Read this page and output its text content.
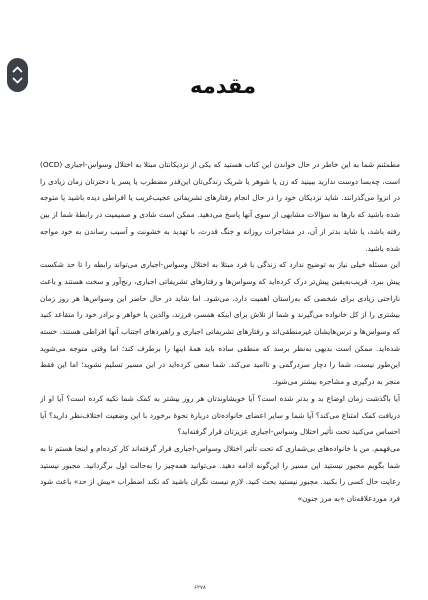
مقدمه

مطمئنم شما به این خاطر در حال خواندن این کتاب هستید که یکی از نزدیکانتان مبتلا به اختلال وسواس-اجباری (OCD) است، چه‌بسا دوست ندارید ببینید که زن یا شوهر یا شریک زندگی‌تان این‌قدر مضطرب یا پسر یا دخترتان زمان زیادی را در انزوا می‌گذرانند. شاید نزدیکان خود را در حال انجام رفتارهای تشریفاتی عجیب‌غریب یا افراطی دیده باشید یا متوجه شده باشید که بارها به سؤالات مشابهی از سوی آنها پاسخ می‌دهید. ممکن است شادی و صمیمیت در رابطهٔ شما از بین رفته باشد، یا شاید بدتر از آن، در مشاجرات روزانه و جنگ قدرت، با تهدید به خشونت و آسیب رساندن به خود مواجه شده باشید.

این مسئله خیلی نیاز به توضیح ندارد که زندگی با فرد مبتلا به اختلال وسواس-اجباری می‌تواند رابطه را تا حد شکست پیش ببرد. قریب‌به‌یقین پیش‌تر درک کرده‌اید که وسواس‌ها و رفتارهای تشریفاتی اجباری، رنج‌آور و سخت هستند و باعث ناراحتی زیادی برای شخصی که به‌راستان اهمیت دارد، می‌شود. اما شاید در حال حاضر این وسواس‌ها هر روز زمان بیشتری را از کل خانواده می‌گیرند و شما از تلاش برای اینکه همسر، فرزند، والدین یا خواهر و برادر خود را متقاعد کنید که وسواس‌ها و ترس‌هایشان غیرمنطقی‌اند و رفتارهای تشریفاتی اجباری و راهبردهای اجتناب آنها افراطی هستند، خسته شده‌اید. ممکن است بدیهی به‌نظر برسد که منطقی ساده باید همهٔ اینها را برطرف کند؛ اما وقتی متوجه می‌شوید این‌طور نیست، شما را دچار سردرگمی و ناامید می‌کند. شما سعی کرده‌اید در این مسیر تسلیم نشوید؛ اما این فقط منجر به درگیری و مشاجره بیشتر می‌شود.

آیا باگذشت زمان اوضاع بد و بدتر شده است؟ آیا خویشاوندتان هر روز بیشتر به کمک شما تکیه کرده است؟ آیا او از دریافت کمک امتناع می‌کند؟ آیا شما و سایر اعضای خانواده‌تان دربارهٔ نحوهٔ برخورد با این وضعیت اختلاف‌نظر دارید؟ آیا احساس می‌کنید تحت تأثیر اختلال وسواس-اجباری عزیزتان قرار گرفته‌اید؟

می‌فهمم. من با خانواده‌های بی‌شماری که تحت تأثیر اختلال وسواس-اجباری قرار گرفته‌اند کار کرده‌ام و اینجا هستم تا به شما بگویم مجبور نیستید این مسیر را این‌گونه ادامه دهید. می‌توانید همه‌چیز را به‌حالت اول برگردانید. مجبور نیستید رعایت حال کسی را بکنید. مجبور نیستید بحث کنید. لازم نیست نگران باشید که نکند اضطراب «بیش از حد» باعث شود فرد موردعلاقه‌تان «به مرز جنون»

۶۲۷۸
